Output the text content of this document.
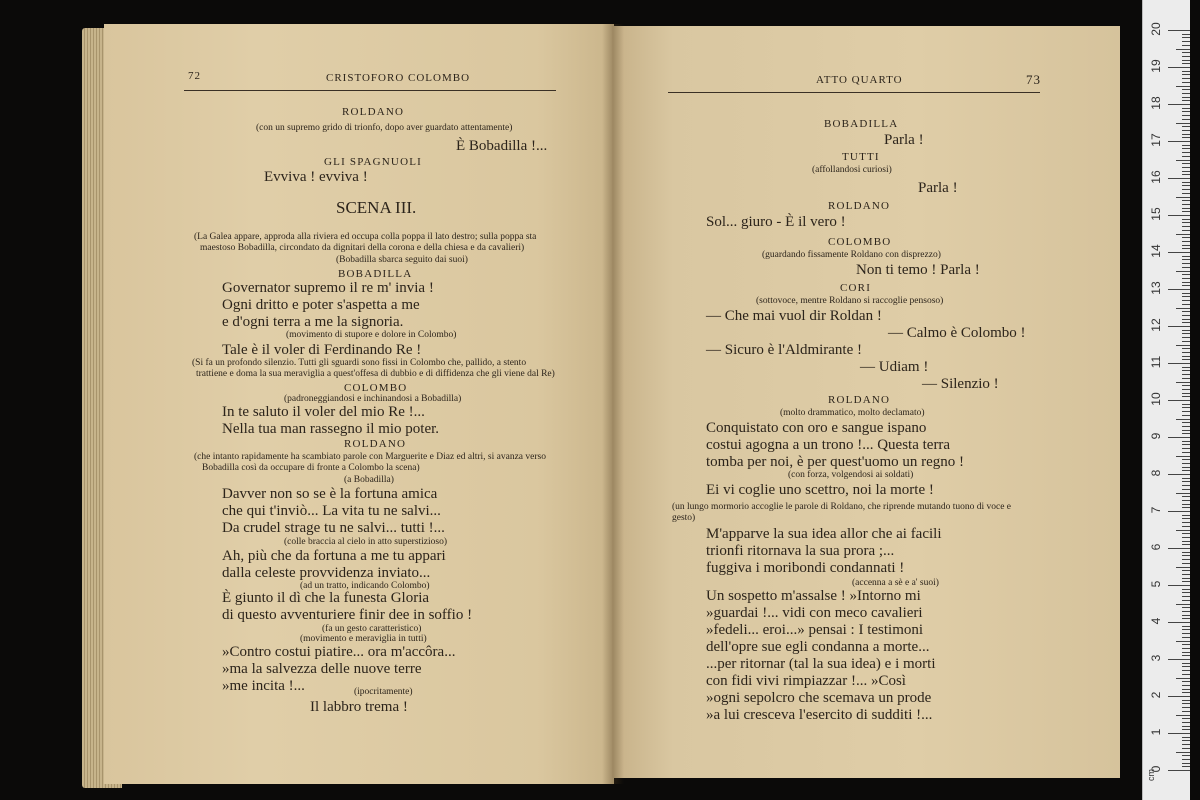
72	CRISTOFORO COLOMBO
ROLDANO
(con un supremo grido di trionfo, dopo aver guardato attentamente)
È Bobadilla !...
GLI SPAGNUOLI
Evviva ! evviva !
SCENA III.
(La Galea appare, approda alla riviera ed occupa colla poppa il lato destro; sulla poppa sta
maestoso Bobadilla, circondato da dignitari della corona e della chiesa e da cavalieri)
(Bobadilla sbarca seguito dai suoi)
BOBADILLA
Governator supremo il re m' invia !
Ogni dritto e poter s'aspetta a me
e d'ogni terra a me la signoria.
(movimento di stupore e dolore in Colombo)
Tale è il voler di Ferdinando Re !
(Si fa un profondo silenzio. Tutti gli sguardi sono fissi in Colombo che, pallido, a stento
trattiene e doma la sua meraviglia a quest'offesa di dubbio e di diffidenza che gli viene dal Re)
COLOMBO
(padroneggiandosi e inchinandosi a Bobadilla)
In te saluto il voler del mio Re !...
Nella tua man rassegno il mio poter.
ROLDANO
(che intanto rapidamente ha scambiato parole con Marguerite e Diaz ed altri, si avanza verso
Bobadilla così da occupare di fronte a Colombo la scena)
(a Bobadilla)
Davver non so se è la fortuna amica
che qui t'inviò... La vita tu ne salvi...
Da crudel strage tu ne salvi... tutti !...
(colle braccia al cielo in atto superstizioso)
Ah, più che da fortuna a me tu appari
dalla celeste provvidenza inviato...
(ad un tratto, indicando Colombo)
È giunto il dì che la funesta Gloria
di questo avventuriere finir dee in soffio !
(fa un gesto caratteristico)
(movimento e meraviglia in tutti)
»Contro costui piatire... ora m'accôra...
»ma la salvezza delle nuove terre
»me incita !...	(ipocritamente)
Il labbro trema !
ATTO QUARTO	73
BOBADILLA
Parla !
TUTTI
(affollandosi curiosi)
Parla !
ROLDANO
Sol... giuro - È il vero !
COLOMBO
(guardando fissamente Roldano con disprezzo)
Non ti temo ! Parla !
CORI
(sottovoce, mentre Roldano si raccoglie pensoso)
— Che mai vuol dir Roldan !
— Calmo è Colombo !
— Sicuro è l'Aldmirante !
— Udiam !
— Silenzio !
ROLDANO
(molto drammatico, molto declamato)
Conquistato con oro e sangue ispano
costui agogna a un trono !... Questa terra
tomba per noi, è per quest'uomo un regno !
(con forza, volgendosi ai soldati)
Ei vi coglie uno scettro, noi la morte !
(un lungo mormorio accoglie le parole di Roldano, che riprende mutando tuono di voce e
gesto)
M'apparve la sua idea allor che ai facili
trionfi ritornava la sua prora ;...
fuggiva i moribondi condannati !
(accenna a sè e a' suoi)
Un sospetto m'assalse ! »Intorno mi
»guardai !... vidi con meco cavalieri
»fedeli... eroi...» pensai : I testimoni
dell'opre sue egli condanna a morte...
...per ritornar (tal la sua idea) e i morti
con fidi vivi rimpiazzar !... »Così
»ogni sepolcro che scemava un prode
»a lui cresceva l'esercito di sudditi !...
20
19
18
17
16
15
14
13
12
11
10
9
8
7
6
5
4
3
2
1
0
cm
